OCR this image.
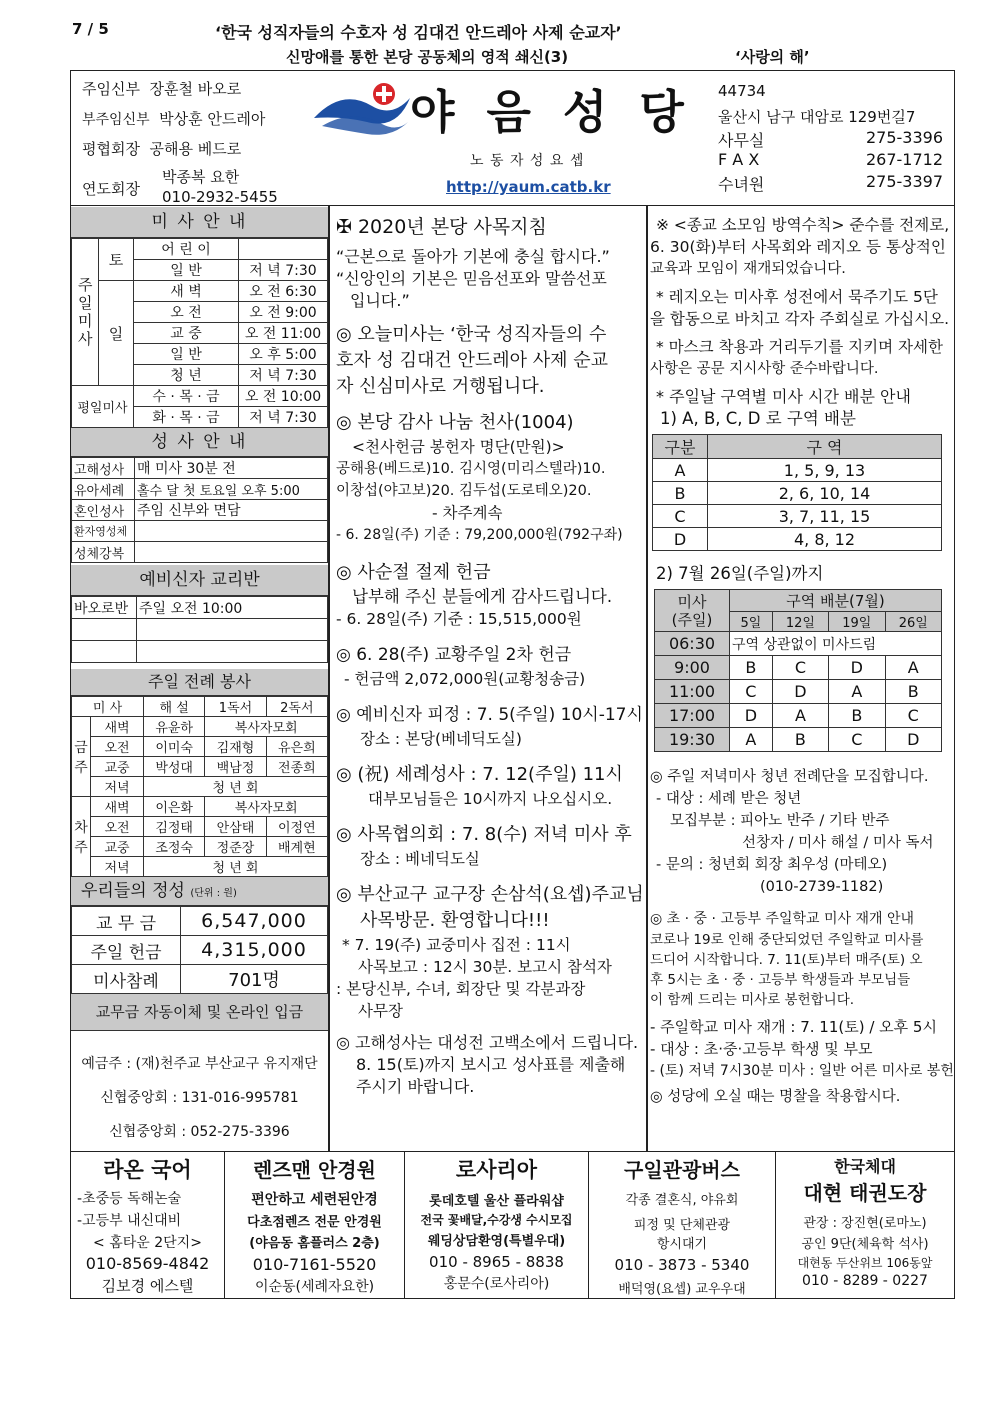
7 / 5	‘한국 성직자들의 수호자 성 김대건 안드레아 사제 순교자’
신망애를 통한 본당 공동체의 영적 쇄신(3)	‘사랑의 해’
주임신부 장훈철 바오로
부주임신부 박상훈 안드레아
평협회장 공해용 베드로
연도회장
박종복 요한
010-2932-5455
야 음 성 당
노 동 자 성 요 셉
http://yaum.catb.kr
44734
울산시 남구 대암로 129번길7
사무실	275-3396
F A X	267-1712
수녀원	275-3397
미 사 안 내
주일미사	토	어 린 이	
		일 반	저 녁 7:30
	일	새 벽	오 전 6:30
		오 전	오 전 9:00
		교 중	오 전 11:00
		일 반	오 후 5:00
		청 년	저 녁 7:30
평일미사		수 · 목 · 금	오 전 10:00
		화 · 목 · 금	저 녁 7:30
성 사 안 내
고해성사	매 미사 30분 전
유아세례	홀수 달 첫 토요일 오후 5:00
혼인성사	주임 신부와 면담
환자영성체	
성체강복	
예비신자 교리반
바오로반	주일 오전 10:00

주일 전례 봉사
미 사		해 설	1독서	2독서

금주	새벽	유윤하	복사자모회	
	오전	이미숙	김재형	유은희
	교중	박성대	백남정	전종희
	저녁	청 년 회		

차주	새벽	이은화	복사자모회	
	오전	김정태	안삼태	이정연
	교중	조정숙	정준장	배계현
	저녁	청 년 회		
우리들의 정성 (단위 : 원)
교 무 금	6,547,000
주일 헌금	4,315,000
미사참례	701명
교무금 자동이체 및 온라인 입금
예금주 : (재)천주교 부산교구 유지재단
신협중앙회 : 131-016-995781
신협중앙회 : 052-275-3396
✠ 2020년 본당 사목지침
“근본으로 돌아가 기본에 충실 합시다.”
“신앙인의 기본은 믿음선포와 말씀선포
입니다.”
◎ 오늘미사는 ‘한국 성직자들의 수
호자 성 김대건 안드레아 사제 순교
자 신심미사로 거행됩니다.
◎ 본당 감사 나눔 천사(1004)
<천사헌금 봉헌자 명단(만원)>
공해용(베드로)10. 김시영(미리스텔라)10.
이창섭(야고보)20. 김두섭(도로테오)20.
- 차주계속
- 6. 28일(주) 기준 : 79,200,000원(792구좌)
◎ 사순절 절제 헌금
납부해 주신 분들에게 감사드립니다.
- 6. 28일(주) 기준 : 15,515,000원
◎ 6. 28(주) 교황주일 2차 헌금
- 헌금액 2,072,000원(교황청송금)
◎ 예비신자 피정 : 7. 5(주일) 10시-17시
장소 : 본당(베네딕도실)
◎ (祝) 세례성사 : 7. 12(주일) 11시
대부모님들은 10시까지 나오십시오.
◎ 사목협의회 : 7. 8(수) 저녁 미사 후
장소 : 베네딕도실
◎ 부산교구 교구장 손삼석(요셉)주교님
사목방문. 환영합니다!!!
* 7. 19(주) 교중미사 집전 : 11시
사목보고 : 12시 30분. 보고시 참석자
: 본당신부, 수녀, 회장단 및 각분과장
사무장
◎ 고해성사는 대성전 고백소에서 드립니다.
8. 15(토)까지 보시고 성사표를 제출해
주시기 바랍니다.
※ <종교 소모임 방역수칙> 준수를 전제로,
6. 30(화)부터 사목회와 레지오 등 통상적인
교육과 모임이 재개되었습니다.
* 레지오는 미사후 성전에서 묵주기도 5단
을 합동으로 바치고 각자 주회실로 가십시오.
* 마스크 착용과 거리두기를 지키며 자세한
사항은 공문 지시사항 준수바랍니다.
* 주일날 구역별 미사 시간 배분 안내
1) A, B, C, D 로 구역 배분
구분	구 역
A	1, 5, 9, 13
B	2, 6, 10, 14
C	3, 7, 11, 15
D	4, 8, 12
2) 7월 26일(주일)까지
미사
(주일)	구역 배분(7월)			
	5일	12일	19일	26일
06:30	구역 상관없이 미사드림			
9:00	B	C	D	A
11:00	C	D	A	B
17:00	D	A	B	C
19:30	A	B	C	D
◎ 주일 저녁미사 청년 전례단을 모집합니다.
- 대상 : 세례 받은 청년
모집부분 : 피아노 반주 / 기타 반주
선창자 / 미사 해설 / 미사 독서
- 문의 : 청년회 회장 최우성 (마테오)
(010-2739-1182)
◎ 초 · 중 · 고등부 주일학교 미사 재개 안내
코로나 19로 인해 중단되었던 주일학교 미사를
드디어 시작합니다. 7. 11(토)부터 매주(토) 오
후 5시는 초 · 중 · 고등부 학생들과 부모님들
이 함께 드리는 미사로 봉헌합니다.
- 주일학교 미사 재개 : 7. 11(토) / 오후 5시
- 대상 : 초·중·고등부 학생 및 부모
- (토) 저녁 7시30분 미사 : 일반 어른 미사로 봉헌
◎ 성당에 오실 때는 명찰을 착용합시다.
라온 국어
-초중등 독해논술
-고등부 내신대비
< 홈타운 2단지>
010-8569-4842
김보경 에스텔
렌즈맨 안경원
편안하고 세련된안경
다초점렌즈 전문 안경원
(야음동 홈플러스 2층)
010-7161-5520
이순동(세례자요한)
로사리아
롯데호텔 울산 플라워샵
전국 꽃배달,수강생 수시모집
웨딩상담환영(특별우대)
010 - 8965 - 8838
홍문수(로사리아)
구일관광버스
각종 결혼식, 야유회
피정 및 단체관광
항시대기
010 - 3873 - 5340
배덕영(요셉) 교우우대
한국체대
대현 태권도장
관장 : 장진현(로마노)
공인 9단(체육학 석사)
대현동 두산위브 106동앞
010 - 8289 - 0227
